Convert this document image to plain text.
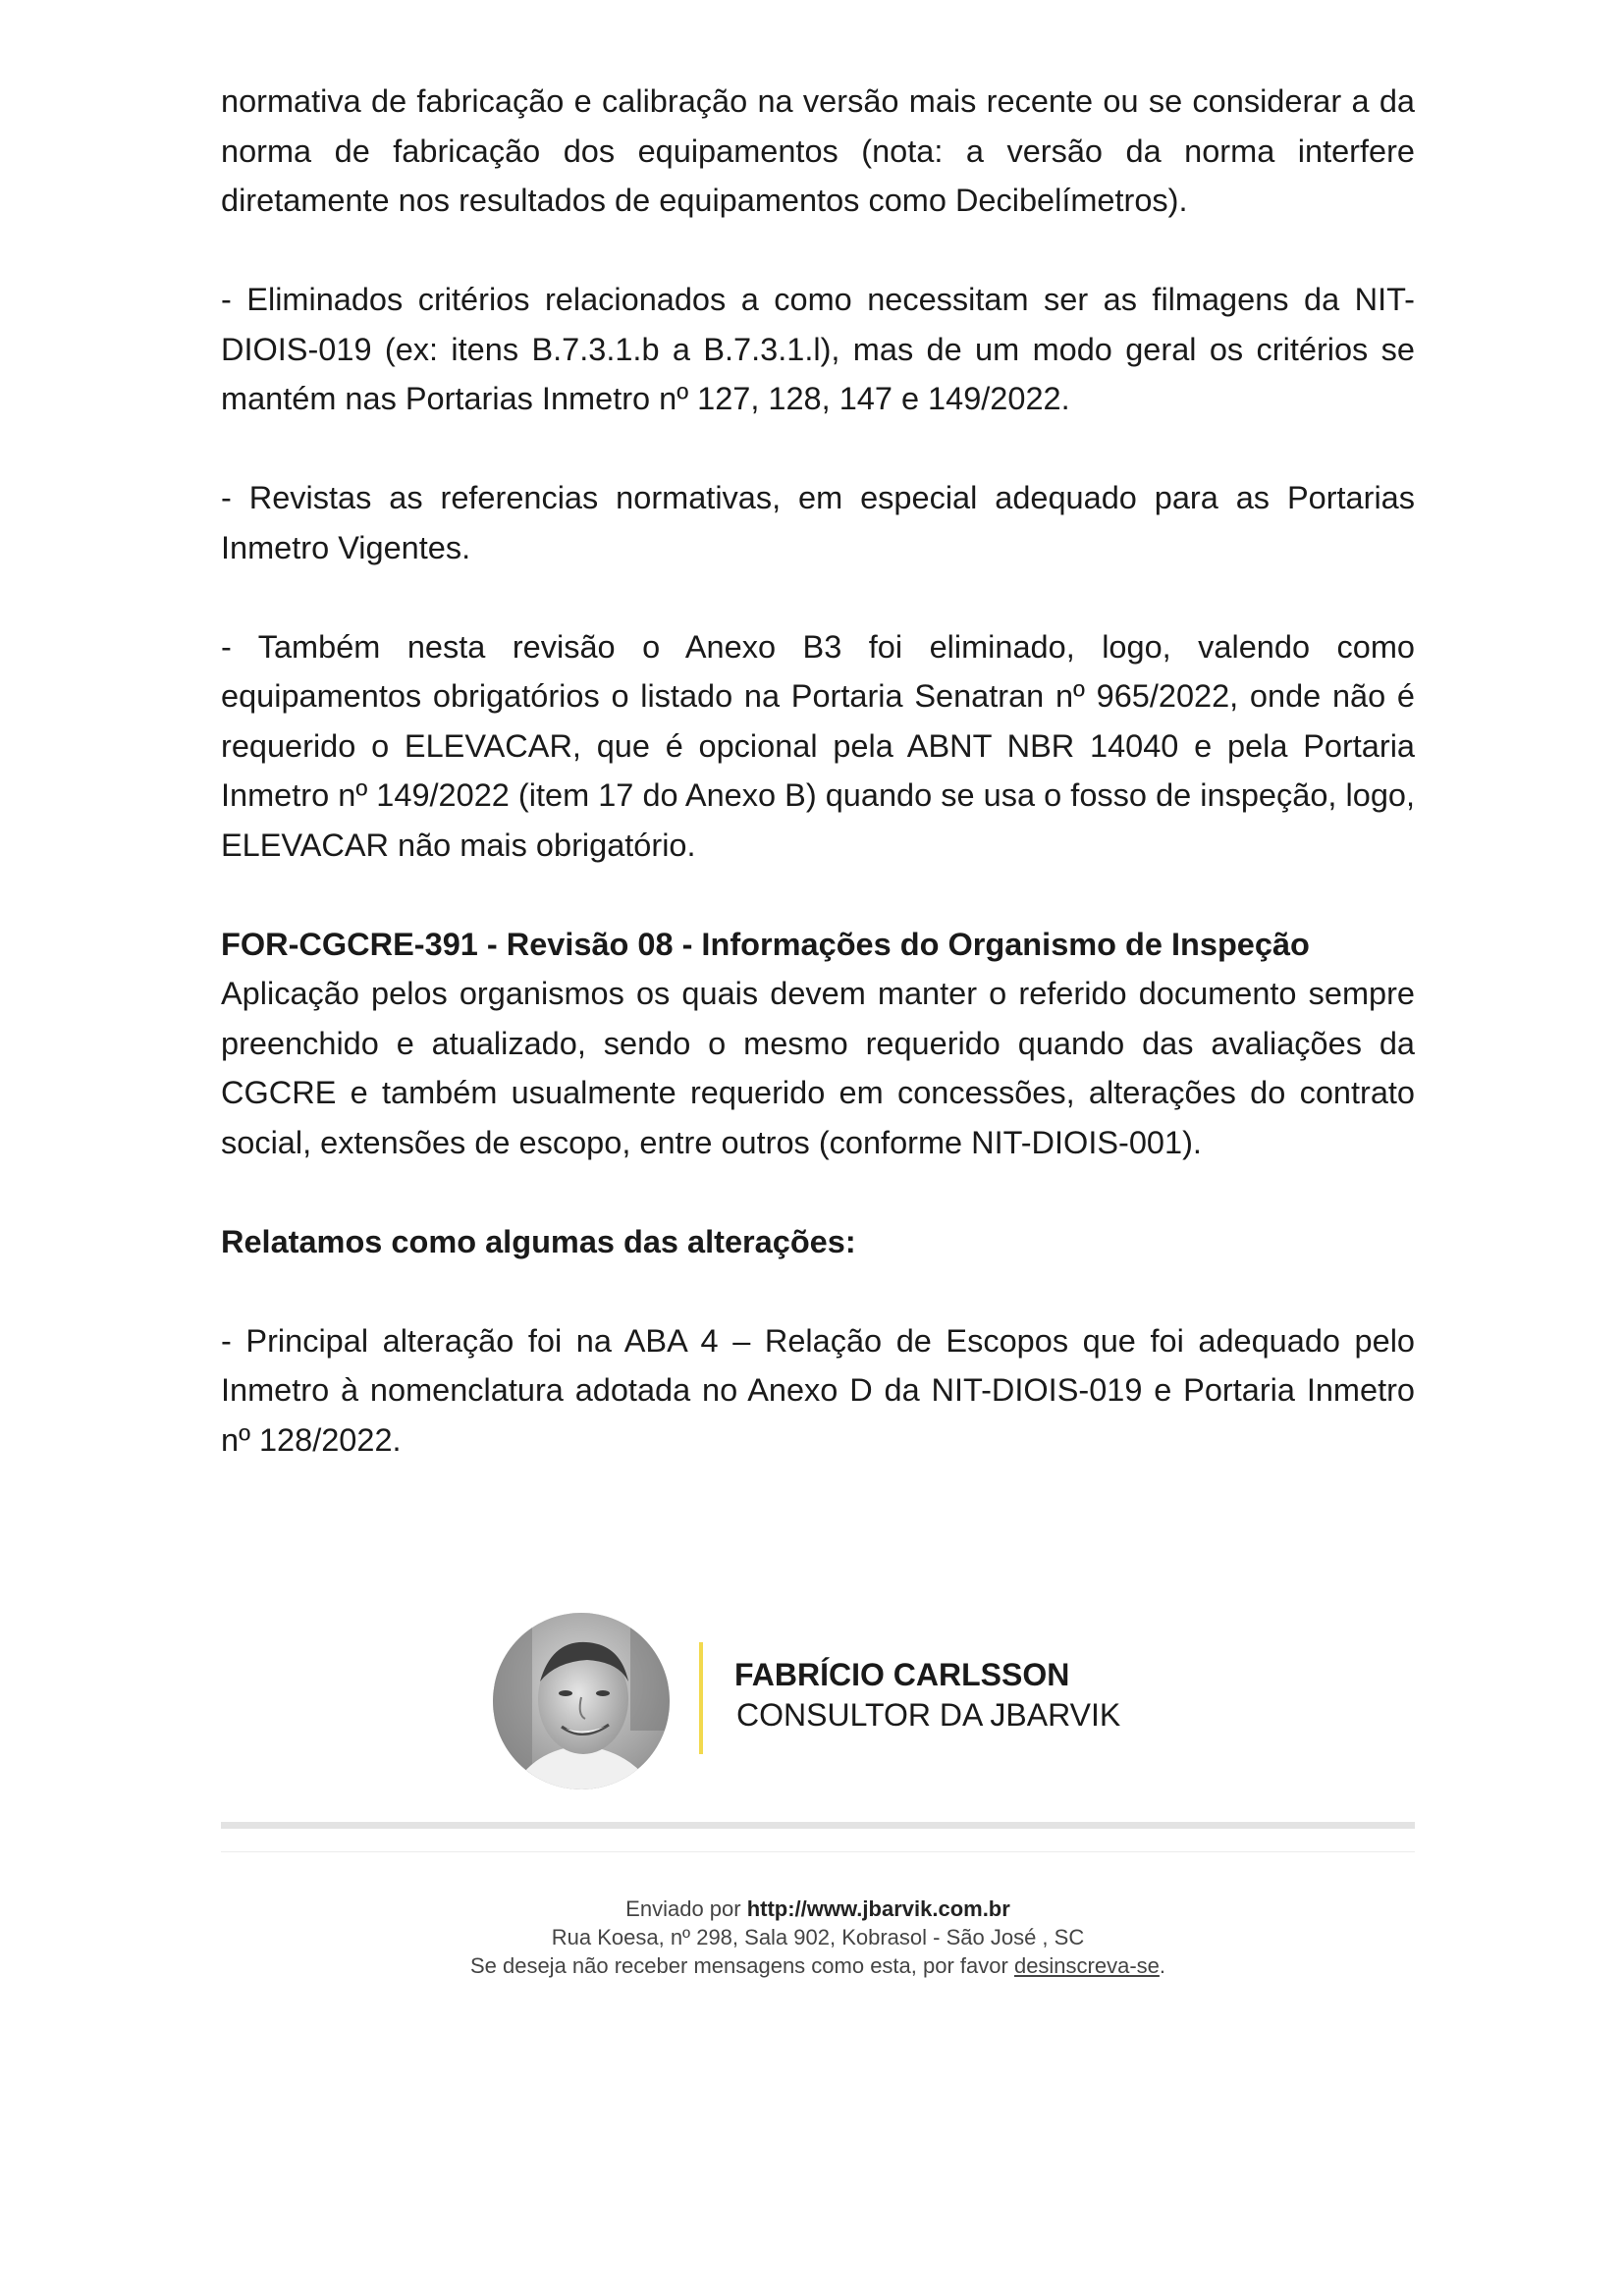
normativa de fabricação e calibração na versão mais recente ou se considerar a da norma de fabricação dos equipamentos (nota: a versão da norma interfere diretamente nos resultados de equipamentos como Decibelímetros).

- Eliminados critérios relacionados a como necessitam ser as filmagens da NIT-DIOIS-019 (ex: itens B.7.3.1.b a B.7.3.1.l), mas de um modo geral os critérios se mantém nas Portarias Inmetro nº 127, 128, 147 e 149/2022.

- Revistas as referencias normativas, em especial adequado para as Portarias Inmetro Vigentes.

- Também nesta revisão o Anexo B3 foi eliminado, logo, valendo como equipamentos obrigatórios o listado na Portaria Senatran nº 965/2022, onde não é requerido o ELEVACAR, que é opcional pela ABNT NBR 14040 e pela Portaria Inmetro nº 149/2022 (item 17 do Anexo B) quando se usa o fosso de inspeção, logo, ELEVACAR não mais obrigatório.

FOR-CGCRE-391 - Revisão 08 - Informações do Organismo de Inspeção

Aplicação pelos organismos os quais devem manter o referido documento sempre preenchido e atualizado, sendo o mesmo requerido quando das avaliações da CGCRE e também usualmente requerido em concessões, alterações do contrato social, extensões de escopo, entre outros (conforme NIT-DIOIS-001).

Relatamos como algumas das alterações:

- Principal alteração foi na ABA 4 – Relação de Escopos que foi adequado pelo Inmetro à nomenclatura adotada no Anexo D da NIT-DIOIS-019 e Portaria Inmetro nº 128/2022.

FABRÍCIO CARLSSON
CONSULTOR DA JBARVIK
Enviado por http://www.jbarvik.com.br
Rua Koesa, nº 298, Sala 902, Kobrasol - São José , SC
Se deseja não receber mensagens como esta, por favor desinscreva-se.
